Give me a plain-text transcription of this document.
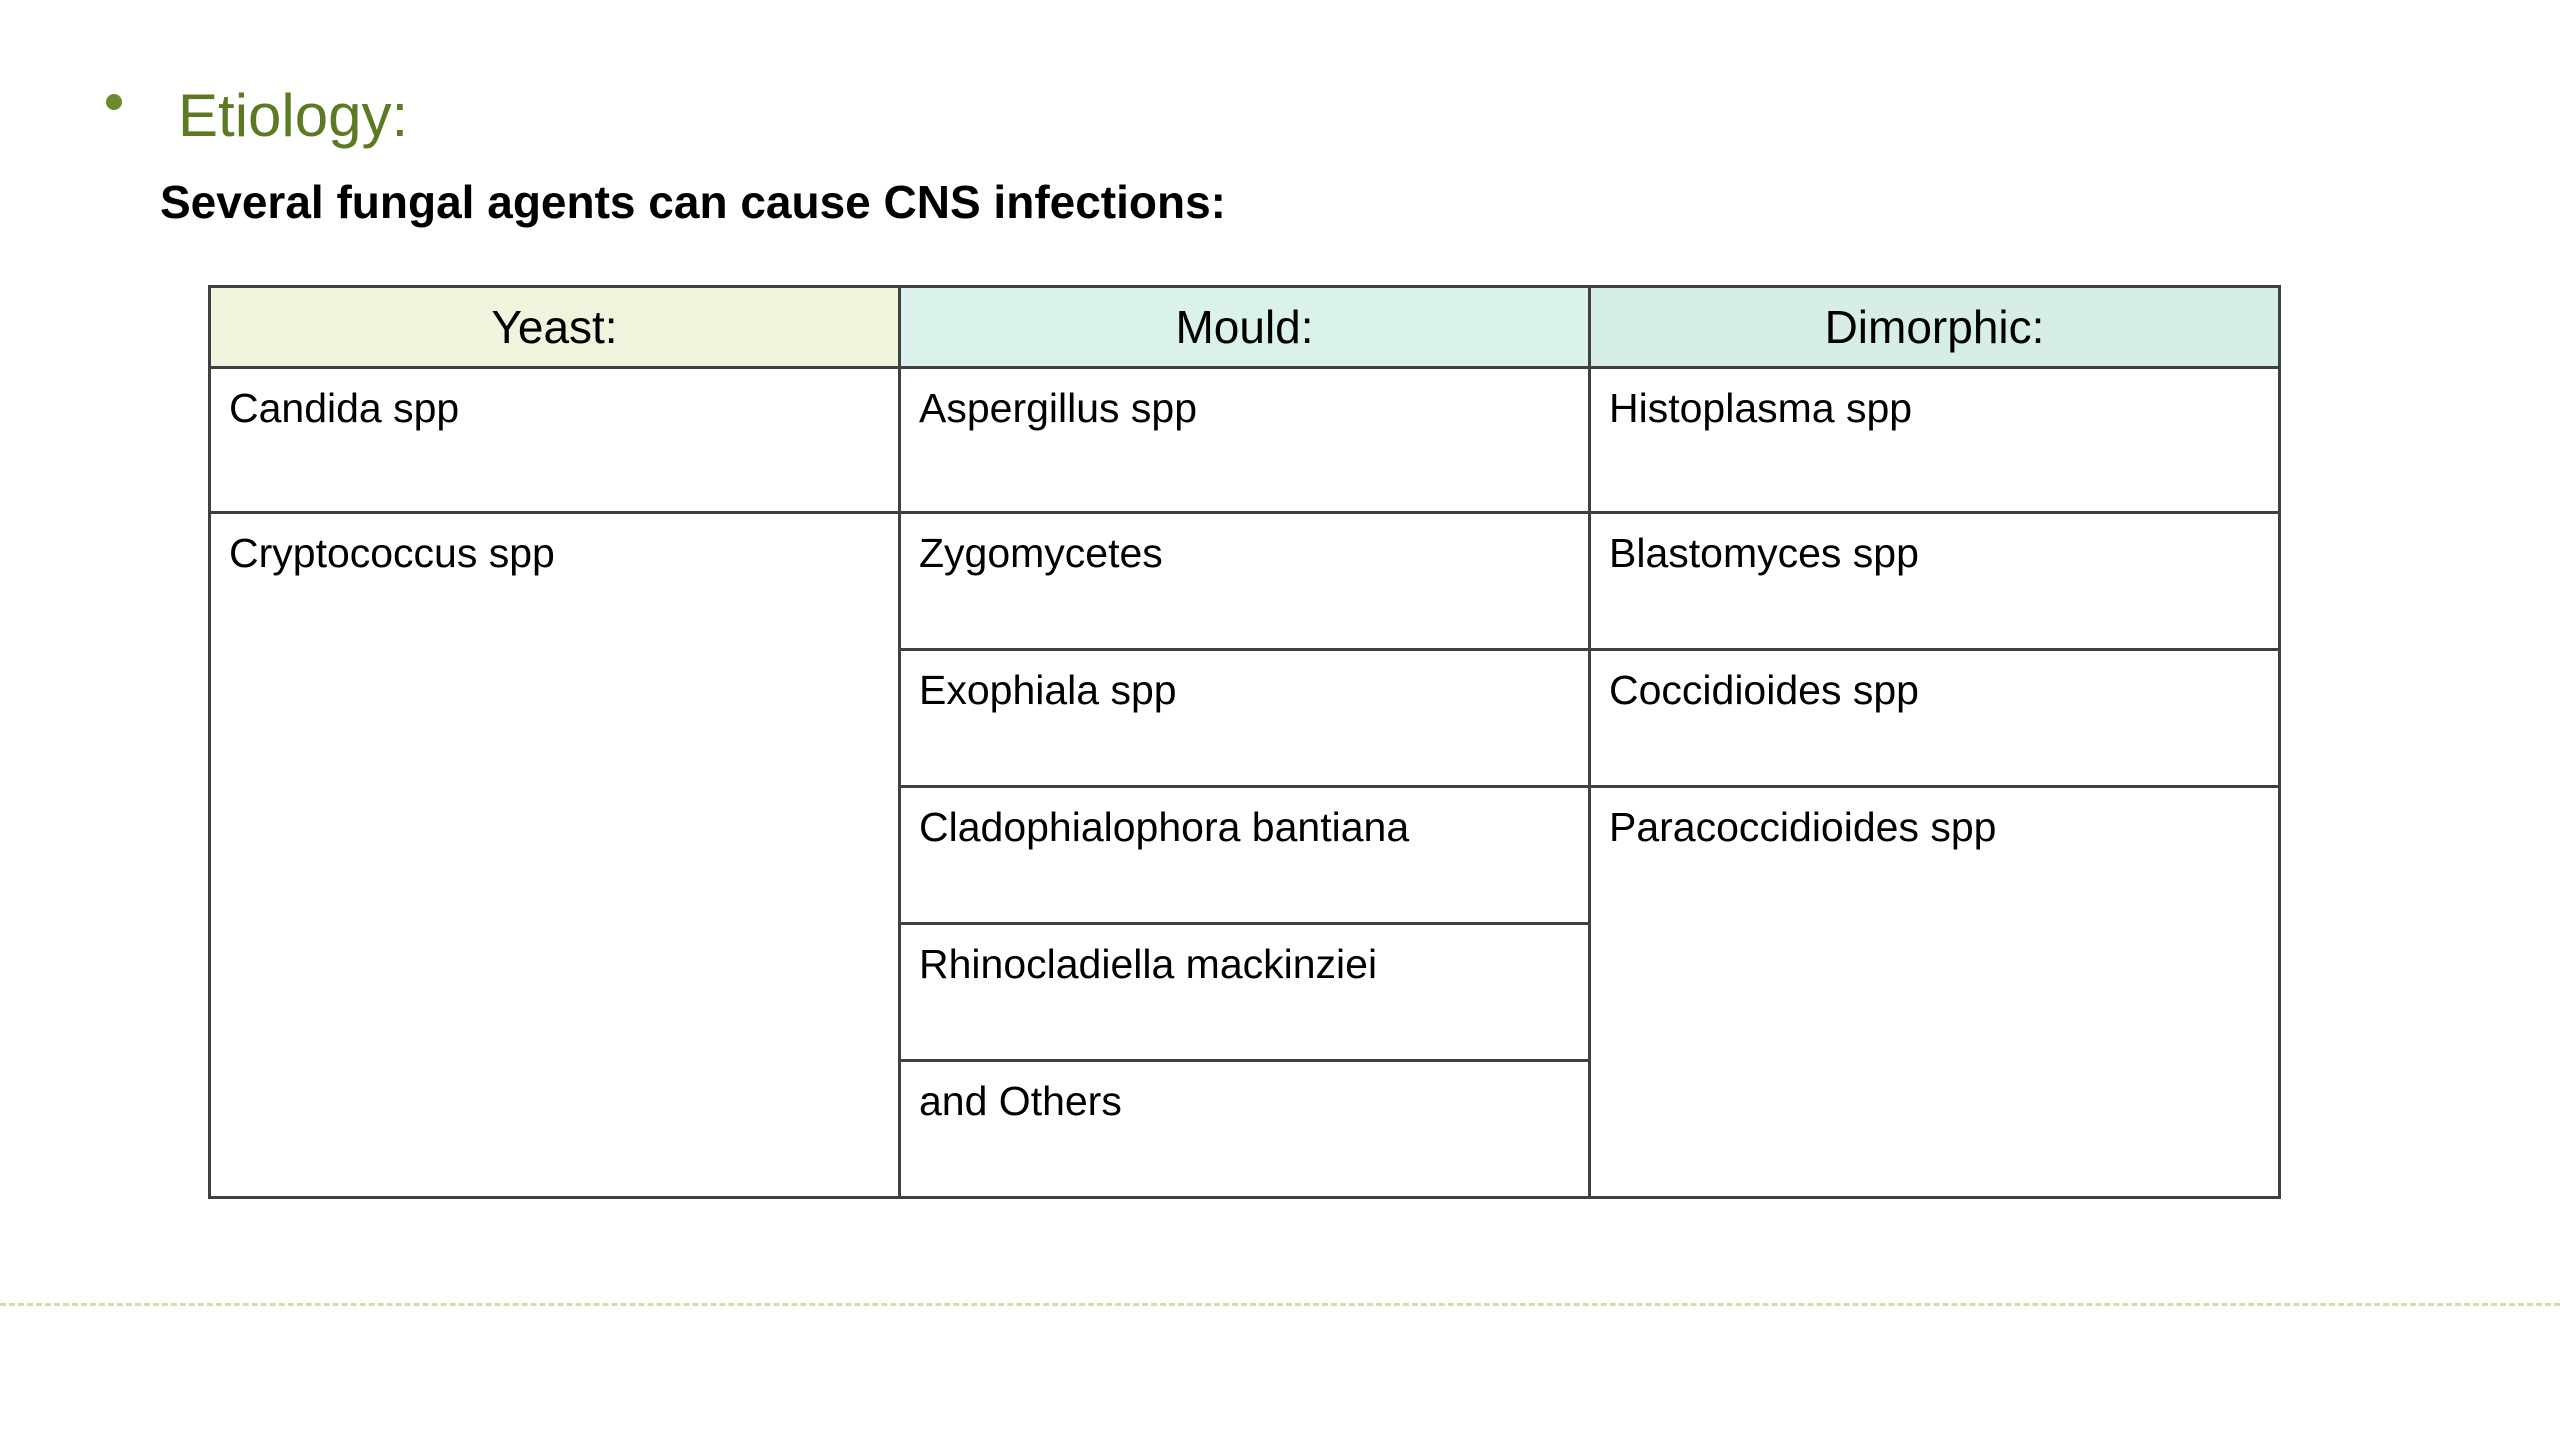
Etiology:
Several fungal agents can cause CNS infections:
Yeast:	Mould:	Dimorphic:
Candida spp	Aspergillus spp	Histoplasma spp
Cryptococcus spp	Zygomycetes	Blastomyces spp
	Exophiala spp	Coccidioides spp
	Cladophialophora bantiana	Paracoccidioides spp
	Rhinocladiella mackinziei	
	and Others	
